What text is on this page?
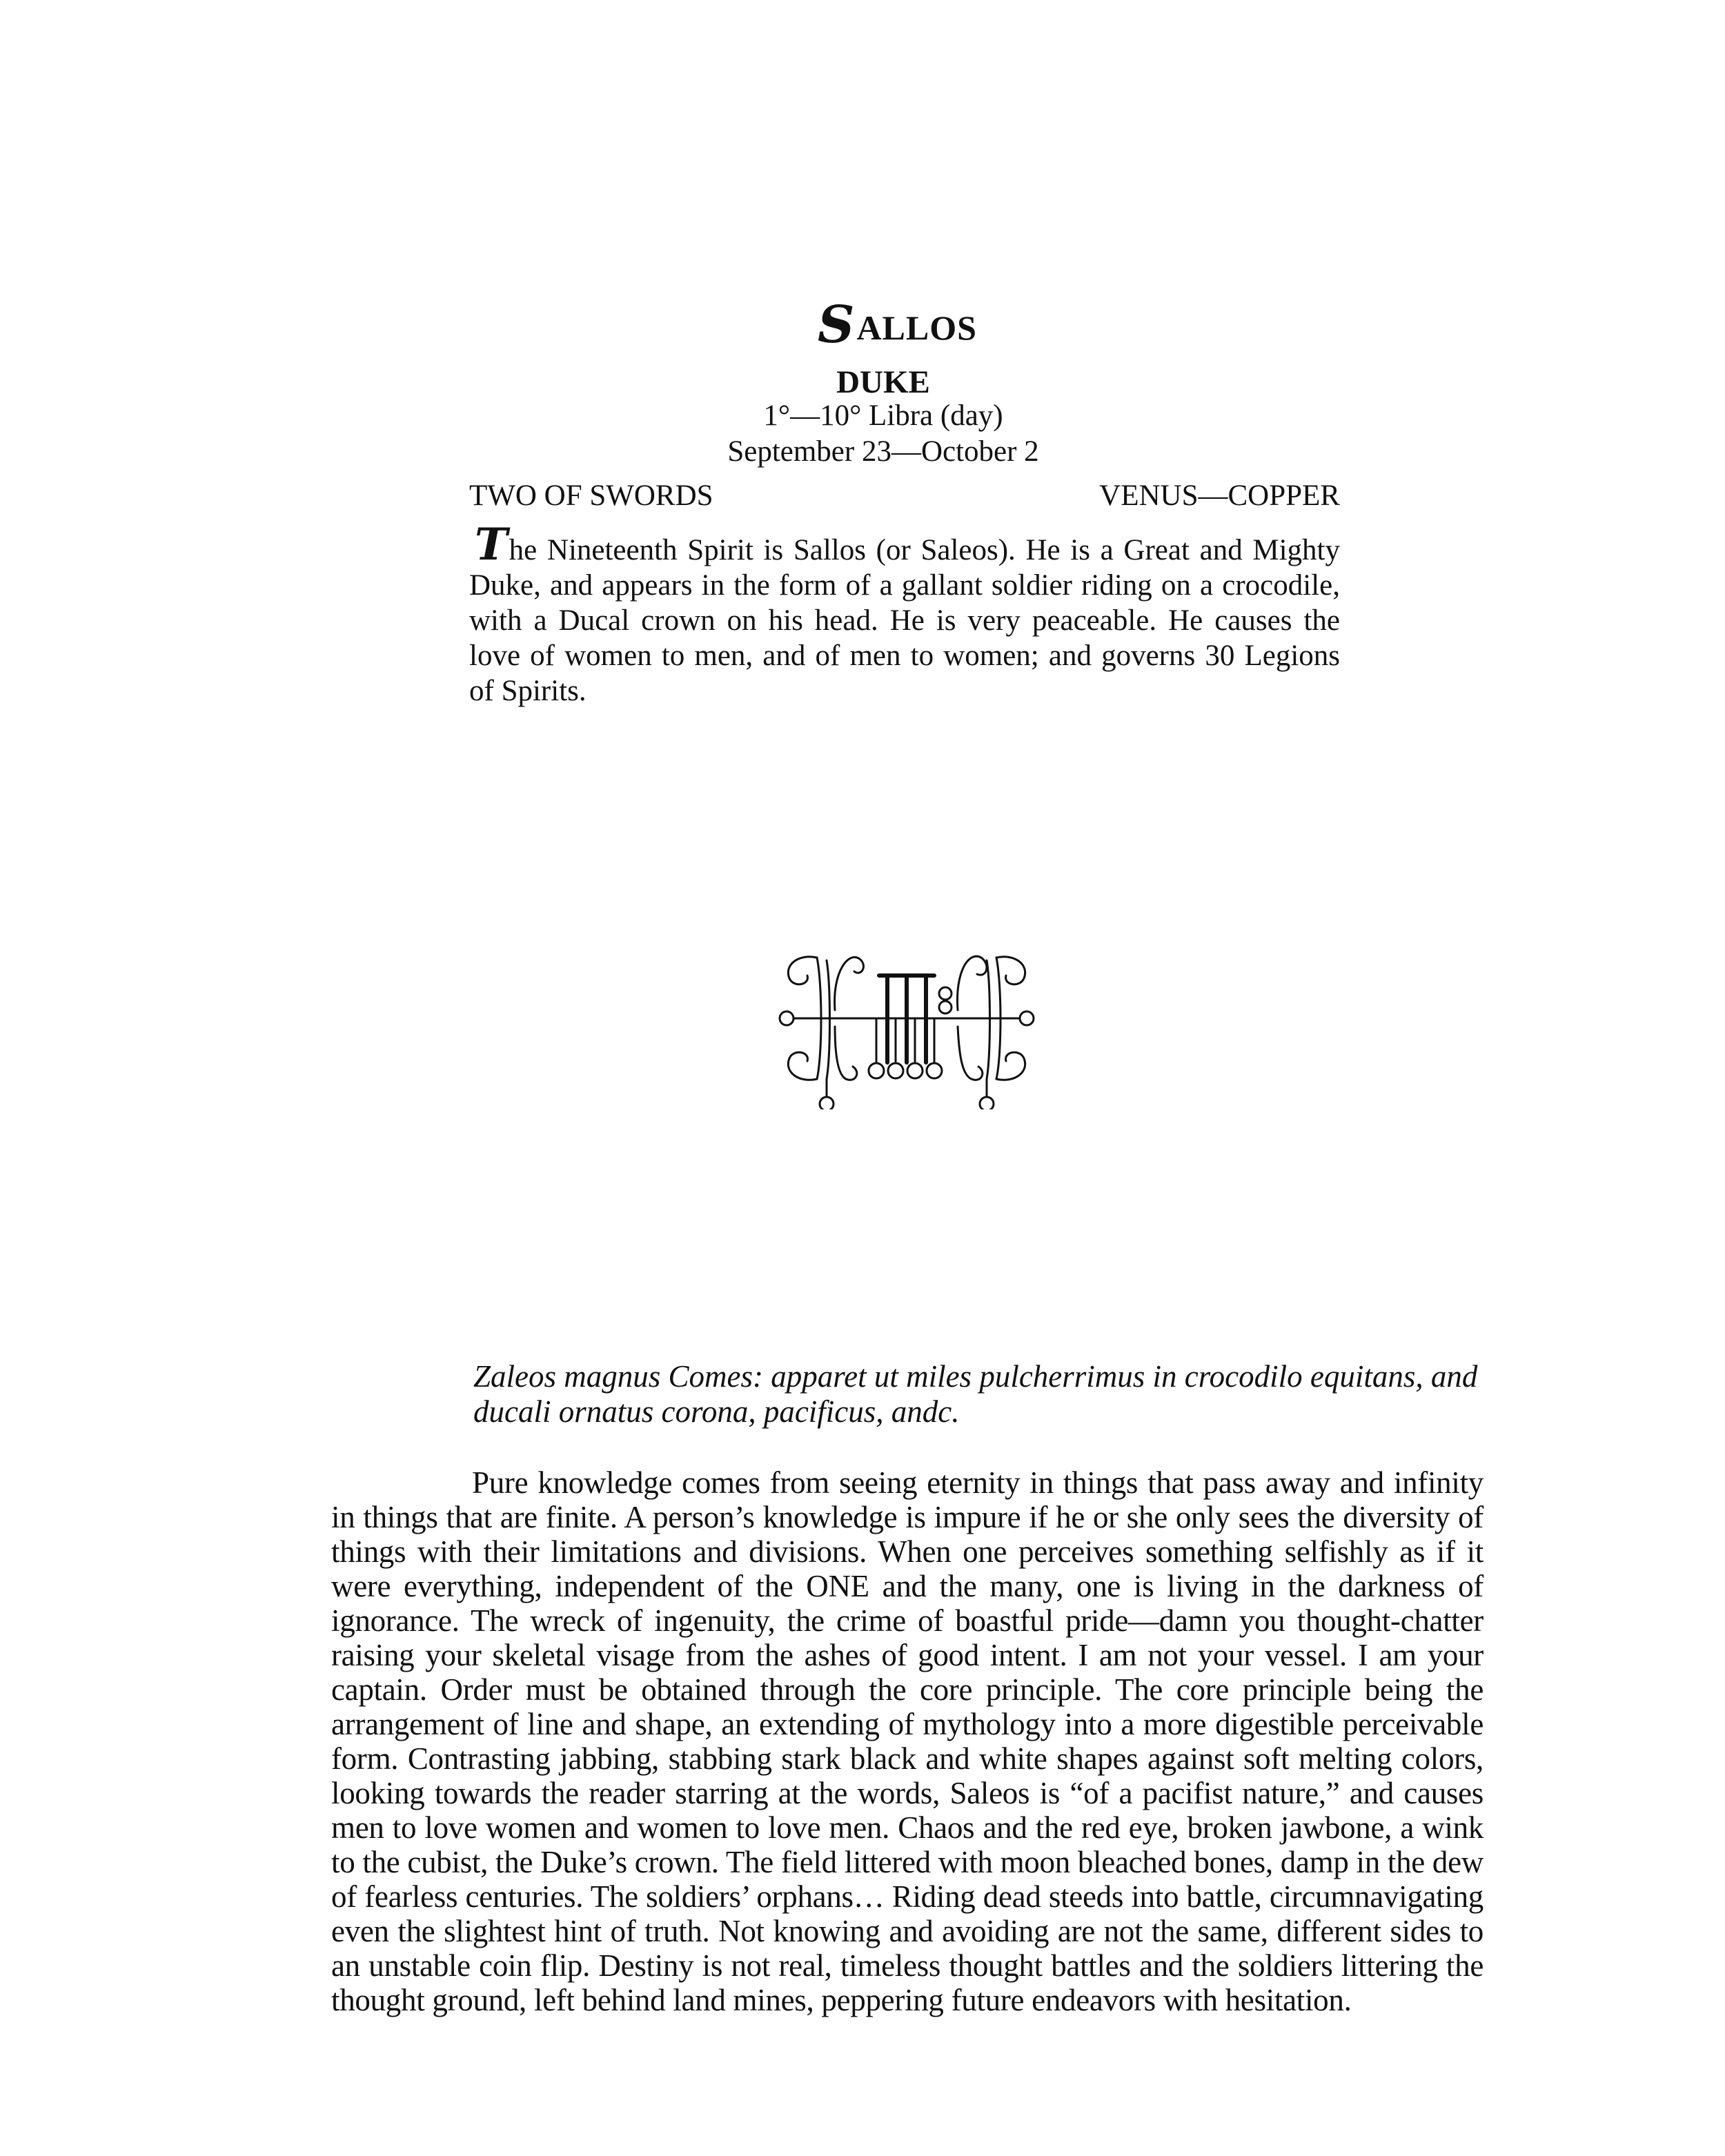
SALLOS
DUKE
1°—10° Libra (day)
September 23—October 2
TWO OF SWORDS	VENUS—COPPER
The Nineteenth Spirit is Sallos (or Saleos). He is a Great and Mighty Duke, and appears in the form of a gallant soldier riding on a crocodile, with a Ducal crown on his head. He is very peaceable. He causes the love of women to men, and of men to women; and governs 30 Legions of Spirits.
Zaleos magnus Comes: apparet ut miles pulcherrimus in crocodilo equitans, and ducali ornatus corona, pacificus, andc.
Pure knowledge comes from seeing eternity in things that pass away and infinity in things that are finite. A person’s knowledge is impure if he or she only sees the diversity of things with their limitations and divisions. When one perceives something selfishly as if it were everything, independent of the ONE and the many, one is living in the darkness of ignorance. The wreck of ingenuity, the crime of boastful pride—damn you thought-chatter raising your skeletal visage from the ashes of good intent. I am not your vessel. I am your captain. Order must be obtained through the core principle. The core principle being the arrangement of line and shape, an extending of mythology into a more digestible perceivable form. Contrasting jabbing, stabbing stark black and white shapes against soft melting colors, looking towards the reader starring at the words, Saleos is “of a pacifist nature,” and causes men to love women and women to love men. Chaos and the red eye, broken jawbone, a wink to the cubist, the Duke’s crown. The field littered with moon bleached bones, damp in the dew of fearless centuries. The soldiers’ orphans… Riding dead steeds into battle, circumnavigating even the slightest hint of truth. Not knowing and avoiding are not the same, different sides to an unstable coin flip. Destiny is not real, timeless thought battles and the soldiers littering the thought ground, left behind land mines, peppering future endeavors with hesitation.
